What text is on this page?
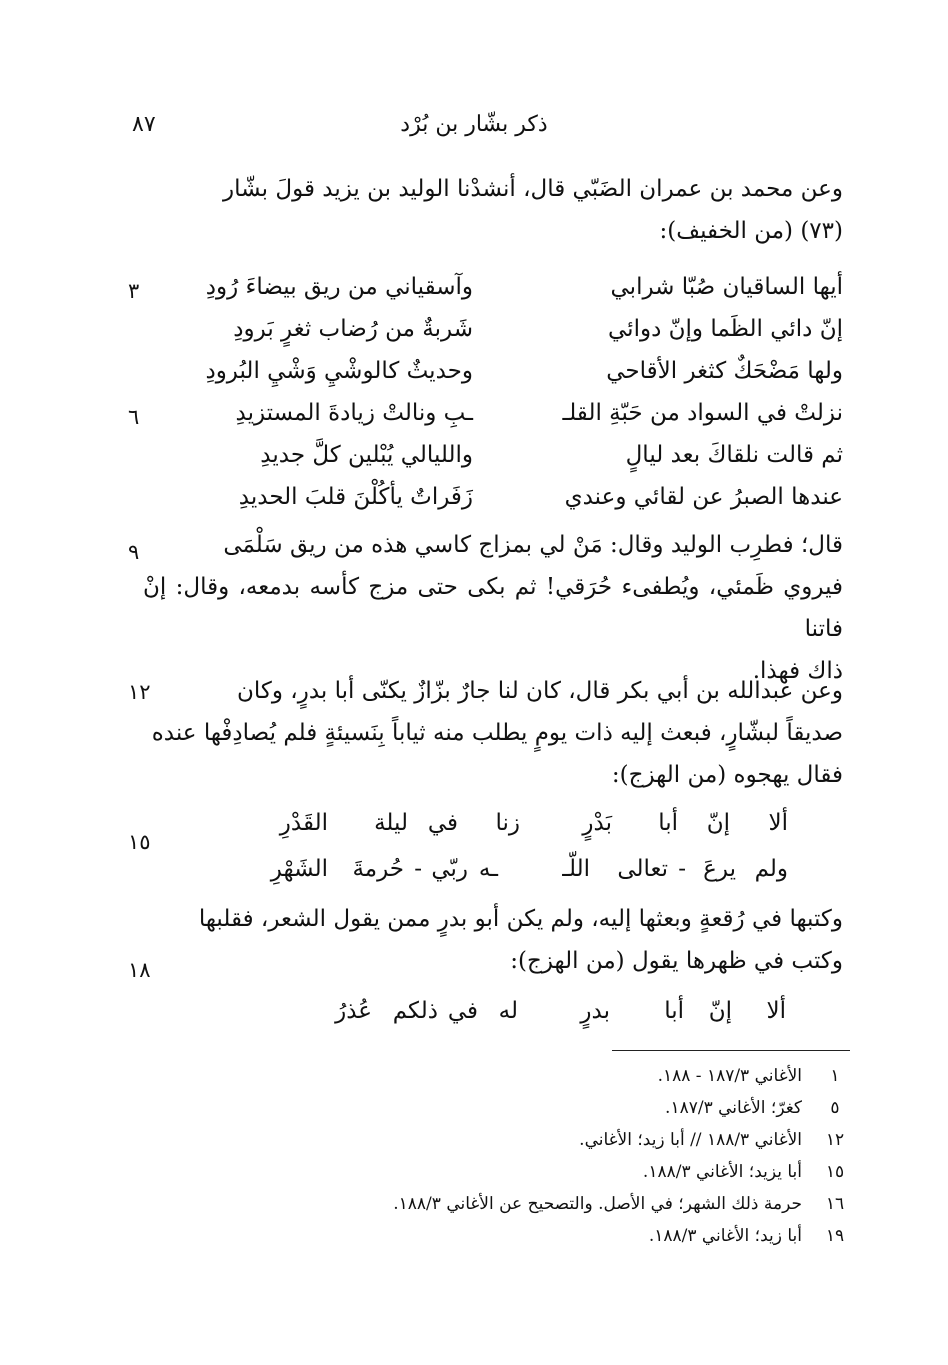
ذكر بشّار بن بُرْد
٨٧

وعن محمد بن عمران الضَبّي قال، أنشدْنا الوليد بن يزيد قولَ بشّار

(٧٣) (من الخفيف):

أيها الساقيان صُبّا شرابي
وآسقياني من ريق بيضاءَ رُودِ
إنّ دائي الظَما وإنّ دوائي
شَربةٌ من رُضاب ثغرٍ بَرودِ
ولها مَضْحَكٌ كثغر الأقاحي
وحديثٌ كالوشْيِ وَشْيِ البُرودِ
نزلتْ في السواد من حَبّةِ القلـ
ـبِ ونالتْ زيادةَ المستزيدِ
ثم قالت نلقاكَ بعد ليالٍ
والليالي يُبْلين كلَّ جديدِ
عندها الصبرُ عن لقائي وعندي
زَفَراتٌ يأكُلْنَ قلبَ الحديدِ
٣
٦

قال؛ فطرِب الوليد وقال: مَنْ لي بمزاج كاسي هذه من ريق سَلْمَى

فيروي ظَمئي، ويُطفىء حُرَقي! ثم بكى حتى مزج كأسه بدمعه، وقال: إنْ فاتنا

ذاك فهذا.

٩

وعن عبدالله بن أبي بكر قال، كان لنا جارٌ بزّازٌ يكنّى أبا بدرٍ، وكان

صديقاً لبشّارٍ، فبعث إليه ذات يومٍ يطلب منه ثياباً بِنَسيئةٍ فلم يُصادِفْها عنده

فقال يهجوه (من الهزج):

١٢
ألا
إنّ
أبا
بَدْرٍ
زنا
في
ليلة
القَدْرِ
١٥
ولم
يرعَ
-
تعالى
اللّـ
ـه
ربّي
-
حُرمةَ
الشَهْرِ

وكتبها في رُقعةٍ وبعثها إليه، ولم يكن أبو بدرٍ ممن يقول الشعر، فقلبها

وكتب في ظهرها يقول (من الهزج):

١٨
ألا
إنّ
أبا
بدرٍ
له
في
ذلكم
عُذرُ
١
الأغاني ١٨٧/٣ - ١٨٨.
٥
كغرّ؛ الأغاني ١٨٧/٣.
١٢
الأغاني ١٨٨/٣ // أبا زيد؛ الأغاني.
١٥
أبا يزيد؛ الأغاني ١٨٨/٣.
١٦
حرمة ذلك الشهر؛ في الأصل. والتصحيح عن الأغاني ١٨٨/٣.
١٩
أبا زيد؛ الأغاني ١٨٨/٣.
